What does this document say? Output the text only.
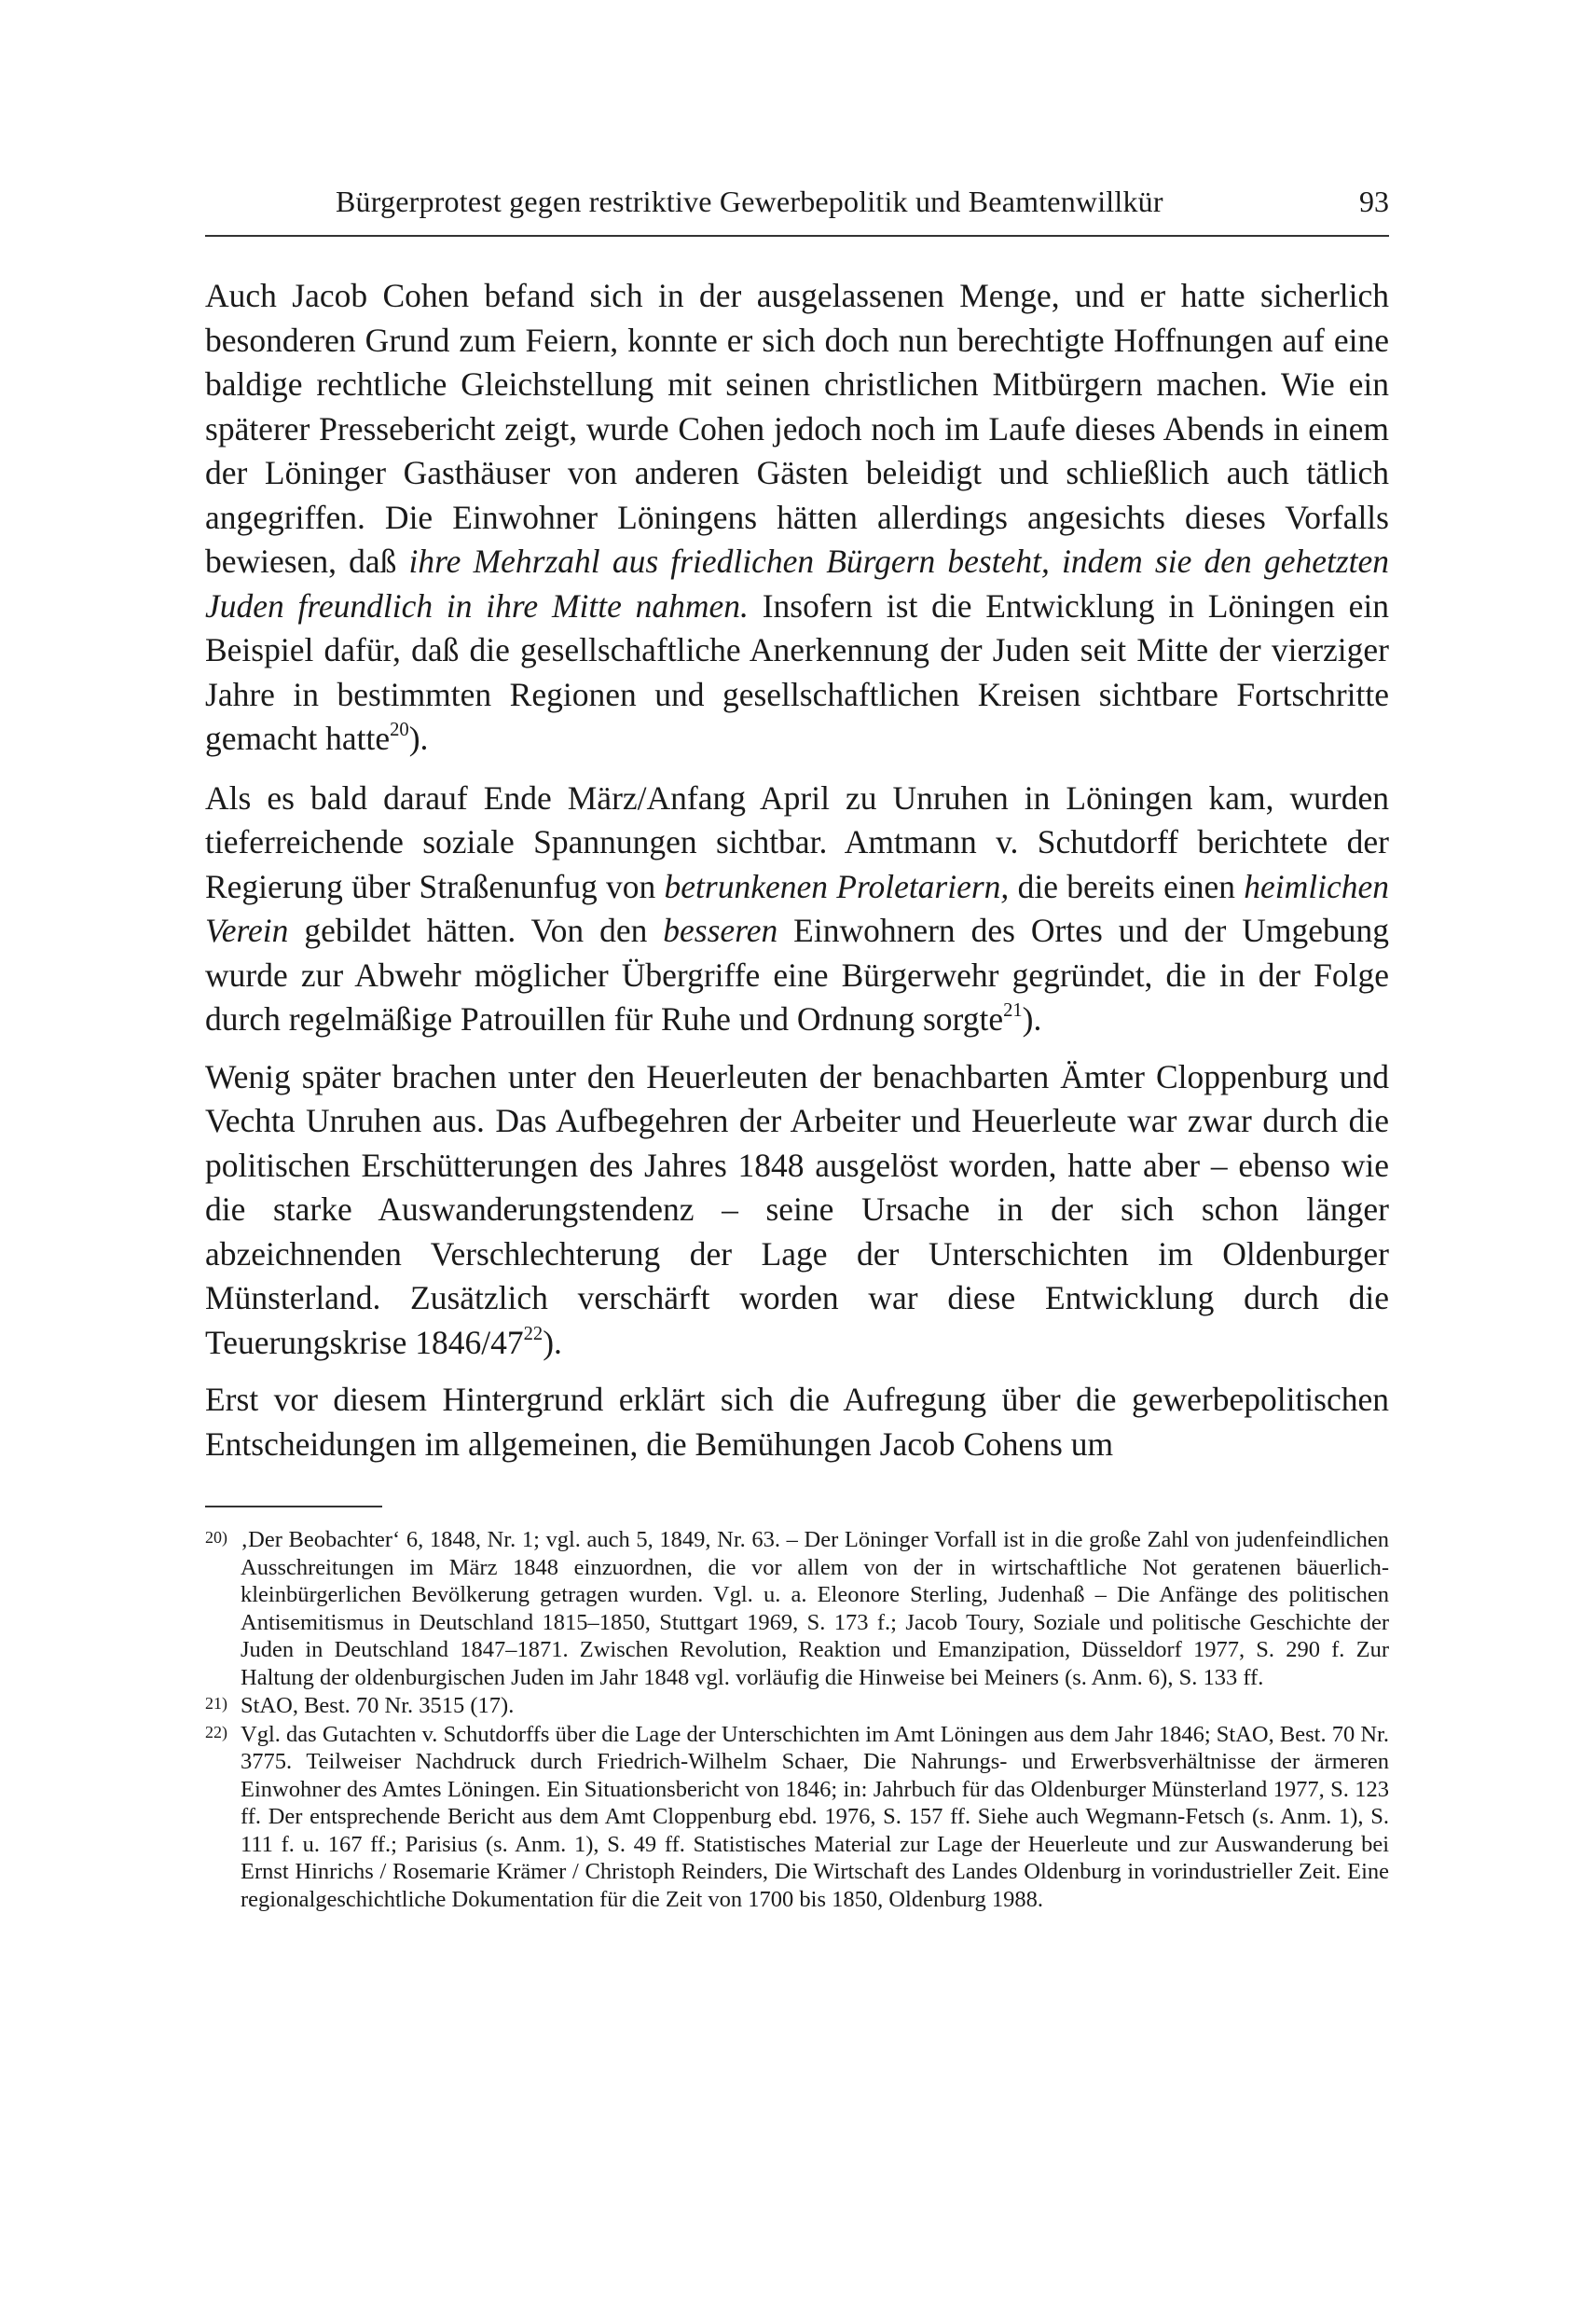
Bürgerprotest gegen restriktive Gewerbepolitik und Beamtenwillkür	93

Auch Jacob Cohen befand sich in der ausgelassenen Menge, und er hatte sicherlich besonderen Grund zum Feiern, konnte er sich doch nun berechtigte Hoffnungen auf eine baldige rechtliche Gleichstellung mit seinen christlichen Mitbürgern machen. Wie ein späterer Pressebericht zeigt, wurde Cohen jedoch noch im Laufe dieses Abends in einem der Löninger Gasthäuser von anderen Gästen beleidigt und schließlich auch tätlich angegriffen. Die Einwohner Löningens hätten allerdings angesichts dieses Vorfalls bewiesen, daß ihre Mehrzahl aus friedlichen Bürgern besteht, indem sie den gehetzten Juden freundlich in ihre Mitte nahmen. Insofern ist die Entwicklung in Löningen ein Beispiel dafür, daß die gesellschaftliche Anerkennung der Juden seit Mitte der vierziger Jahre in bestimmten Regionen und gesellschaftlichen Kreisen sichtbare Fortschritte gemacht hatte$^{20}$).

Als es bald darauf Ende März/Anfang April zu Unruhen in Löningen kam, wurden tieferreichende soziale Spannungen sichtbar. Amtmann v. Schutdorff berichtete der Regierung über Straßenunfug von betrunkenen Proletariern, die bereits einen heimlichen Verein gebildet hätten. Von den besseren Einwohnern des Ortes und der Umgebung wurde zur Abwehr möglicher Übergriffe eine Bürgerwehr gegründet, die in der Folge durch regelmäßige Patrouillen für Ruhe und Ordnung sorgte$^{21}$).

Wenig später brachen unter den Heuerleuten der benachbarten Ämter Cloppenburg und Vechta Unruhen aus. Das Aufbegehren der Arbeiter und Heuerleute war zwar durch die politischen Erschütterungen des Jahres 1848 ausgelöst worden, hatte aber – ebenso wie die starke Auswanderungstendenz – seine Ursache in der sich schon länger abzeichnenden Verschlechterung der Lage der Unterschichten im Oldenburger Münsterland. Zusätzlich verschärft worden war diese Entwicklung durch die Teuerungskrise $1846/47^{22}$).

Erst vor diesem Hintergrund erklärt sich die Aufregung über die gewerbepolitischen Entscheidungen im allgemeinen, die Bemühungen Jacob Cohens um

20) ‚Der Beobachter‘ 6, 1848, Nr. 1; vgl. auch 5, 1849, Nr. 63. – Der Löninger Vorfall ist in die große Zahl von judenfeindlichen Ausschreitungen im März 1848 einzuordnen, die vor allem von der in wirtschaftliche Not geratenen bäuerlich-kleinbürgerlichen Bevölkerung getragen wurden. Vgl. u. a. Eleonore Sterling, Judenhaß – Die Anfänge des politischen Antisemitismus in Deutschland 1815–1850, Stuttgart 1969, S. 173 f.; Jacob Toury, Soziale und politische Geschichte der Juden in Deutschland 1847–1871. Zwischen Revolution, Reaktion und Emanzipation, Düsseldorf 1977, S. 290 f. Zur Haltung der oldenburgischen Juden im Jahr 1848 vgl. vorläufig die Hinweise bei Meiners (s. Anm. 6), S. 133 ff.
21) StAO, Best. 70 Nr. 3515 (17).
22) Vgl. das Gutachten v. Schutdorffs über die Lage der Unterschichten im Amt Löningen aus dem Jahr 1846; StAO, Best. 70 Nr. 3775. Teilweiser Nachdruck durch Friedrich-Wilhelm Schaer, Die Nahrungs- und Erwerbsverhältnisse der ärmeren Einwohner des Amtes Löningen. Ein Situationsbericht von 1846; in: Jahrbuch für das Oldenburger Münsterland 1977, S. 123 ff. Der entsprechende Bericht aus dem Amt Cloppenburg ebd. 1976, S. 157 ff. Siehe auch Wegmann-Fetsch (s. Anm. 1), S. 111 f. u. 167 ff.; Parisius (s. Anm. 1), S. 49 ff. Statistisches Material zur Lage der Heuerleute und zur Auswanderung bei Ernst Hinrichs / Rosemarie Krämer / Christoph Reinders, Die Wirtschaft des Landes Oldenburg in vorindustrieller Zeit. Eine regionalgeschichtliche Dokumentation für die Zeit von 1700 bis 1850, Oldenburg 1988.
